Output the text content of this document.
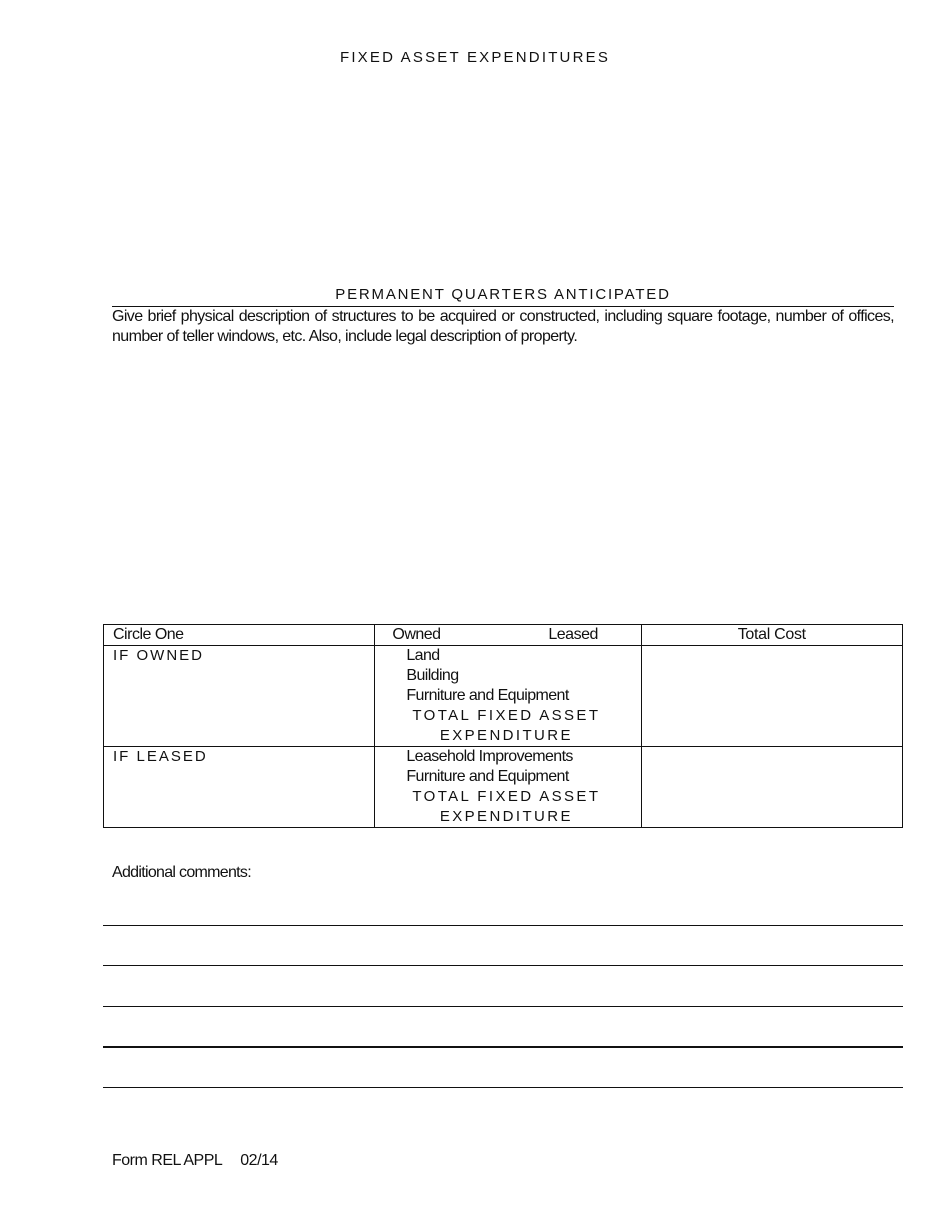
FIXED ASSET EXPENDITURES
PERMANENT QUARTERS ANTICIPATED
Give brief physical description of structures to be acquired or constructed, including square footage, number of offices, number of teller windows, etc. Also, include legal description of property.
Circle One	Owned Leased	Total Cost
IF OWNED	Land
Building
Furniture and Equipment
TOTAL FIXED ASSET
EXPENDITURE	

IF LEASED	Leasehold Improvements
Furniture and Equipment
TOTAL FIXED ASSET
EXPENDITURE	

Additional comments:
Form REL APPL 02/14
